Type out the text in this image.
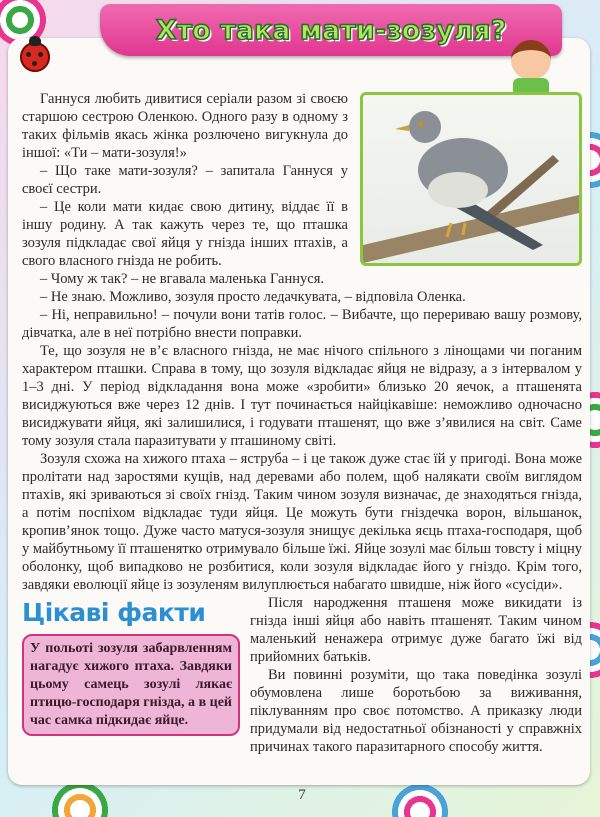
Хто така мати-зозуля?

Ганнуся любить дивитися серіали разом зі своєю старшою сестрою Оленкою. Одного разу в одному з таких фільмів якась жінка розлючено вигукнула до іншої: «Ти – мати-зозуля!»

– Що таке мати-зозуля? – запитала Ганнуся у своєї сестри.

– Це коли мати кидає свою дитину, віддає її в іншу родину. А так кажуть через те, що пташка зозуля підкладає свої яйця у гнізда інших птахів, а свого власного гнізда не робить.

– Чому ж так? – не вгавала маленька Ганнуся.

– Не знаю. Можливо, зозуля просто ледачкувата, – відповіла Оленка.

– Ні, неправильно! – почули вони татів голос. – Вибачте, що перериваю вашу розмову, дівчатка, але в неї потрібно внести поправки.

Те, що зозуля не в’є власного гнізда, не має нічого спільного з лінощами чи поганим характером пташки. Справа в тому, що зозуля відкладає яйця не відразу, а з інтервалом у 1–3 дні. У період відкладання вона може «зробити» близько 20 яечок, а пташенята висиджуються вже через 12 днів. І тут починається найцікавіше: неможливо одночасно висиджувати яйця, які залишилися, і годувати пташенят, що вже з’явилися на світ. Саме тому зозуля стала паразитувати у пташиному світі.

Зозуля схожа на хижого птаха – яструба – і це також дуже стає їй у пригоді. Вона може пролітати над заростями кущів, над деревами або полем, щоб налякати своїм виглядом птахів, які зриваються зі своїх гнізд. Таким чином зозуля визначає, де знаходяться гнізда, а потім поспіхом відкладає туди яйця. Це можуть бути гніздечка ворон, вільшанок, кропив’янок тощо. Дуже часто матуся-зозуля знищує декілька яєць птаха-господаря, щоб у майбутньому її пташенятко отримувало більше їжі. Яйце зозулі має більш товсту і міцну оболонку, щоб випадково не розбитися, коли зозуля відкладає його у гніздо. Крім того, завдяки еволюції яйце із зозуленям вилуплюється набагато швидше, ніж його «сусіди».

Цікаві факти
У польоті зозуля забарвленням нагадує хижого птаха. Завдяки цьому самець зозулі лякає птицю-господаря гнізда, а в цей час самка підкидає яйце.

Після народження пташеня може викидати із гнізда інші яйця або навіть пташенят. Таким чином маленький ненажера отримує дуже багато їжі від прийомних батьків.

Ви повинні розуміти, що така поведінка зозулі обумовлена лише боротьбою за виживання, піклуванням про своє потомство. А приказку люди придумали від недостатньої обізнаності у справжніх причинах такого паразитарного способу життя.

7
